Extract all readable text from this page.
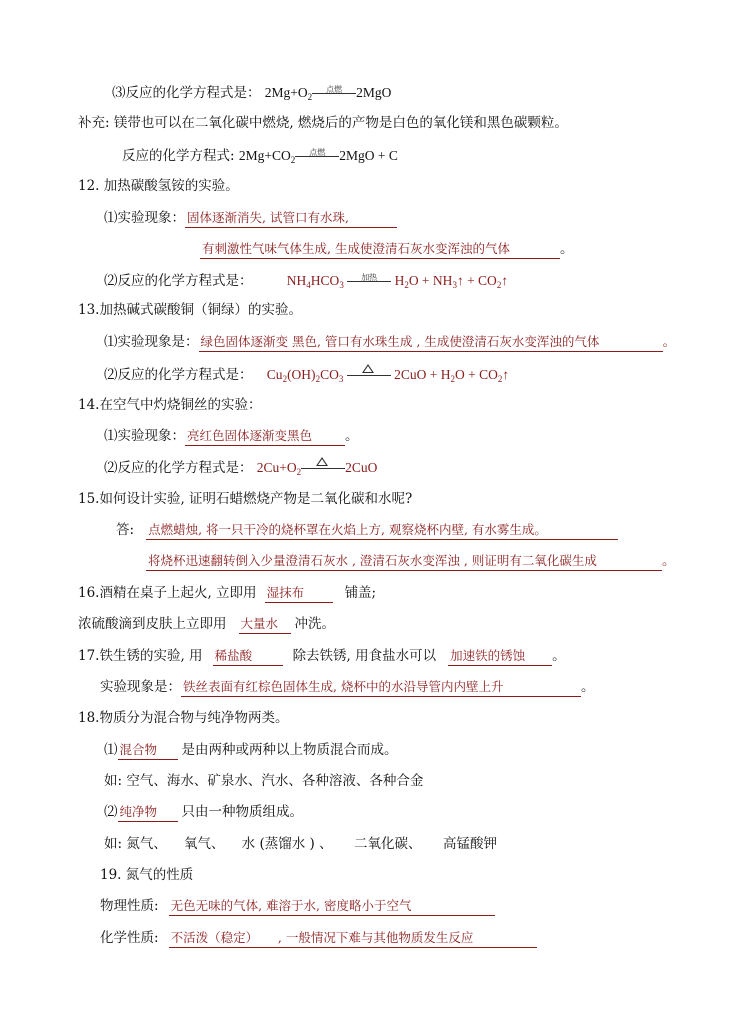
⑶反应的化学方程式是： $2Mg+O_2$
点燃	2MgO
补充: 镁带也可以在二氧化碳中燃烧, 燃烧后的产物是白色的氧化镁和黑色碳颗粒。
反应的化学方程式: $2Mg+CO_2$
点燃	2MgO + C
12. 加热碳酸氢铵的实验。
⑴实验现象： 固体逐渐消失, 试管口有水珠,
有刺激性气味气体生成, 生成使澄清石灰水变浑浊的气体	。
⑵反应的化学方程式是：	$NH_4HCO_3$
加热	$H_2O$ + $NH_3↑$ + $CO_2↑$
13.加热碱式碳酸铜（铜绿）的实验。
⑴实验现象是： 绿色固体逐渐变 黑色, 管口有水珠生成 , 生成使澄清石灰水变浑浊的气体	。
⑵反应的化学方程式是： $Cu_2(OH)_2CO_3$	$2CuO + H_2O$ + $CO_2↑$
14.在空气中灼烧铜丝的实验：
⑴实验现象： 亮红色固体逐渐变黑色 。
⑵反应的化学方程式是： $2Cu+O_2$	2CuO
15.如何设计实验, 证明石蜡燃烧产物是二氧化碳和水呢?
答: 点燃蜡烛, 将一只干冷的烧杯罩在火焰上方, 观察烧杯内壁, 有水雾生成。
将烧杯迅速翻转倒入少量澄清石灰水 , 澄清石灰水变浑浊 , 则证明有二氧化碳生成	。
16.酒精在桌子上起火, 立即用 湿抹布	铺盖;
浓硫酸滴到皮肤上立即用 大量水 冲洗。
17.铁生锈的实验, 用 稀盐酸	除去铁锈, 用食盐水可以 加速铁的锈蚀 。
实验现象是： 铁丝表面有红棕色固体生成, 烧杯中的水沿导管内内壁上升	。
18.物质分为混合物与纯净物两类。
⑴ 混合物 是由两种或两种以上物质混合而成。
如: 空气、海水、矿泉水、汽水、各种溶液、各种合金
⑵ 纯净物 只由一种物质组成。
如: 氮气、    氧气、    水 (蒸馏水 ) 、     二氧化碳、     高锰酸钾
19. 氮气的性质
物理性质: 无色无味的气体, 难溶于水, 密度略小于空气
化学性质: 不活泼（稳定）     , 一般情况下难与其他物质发生反应
